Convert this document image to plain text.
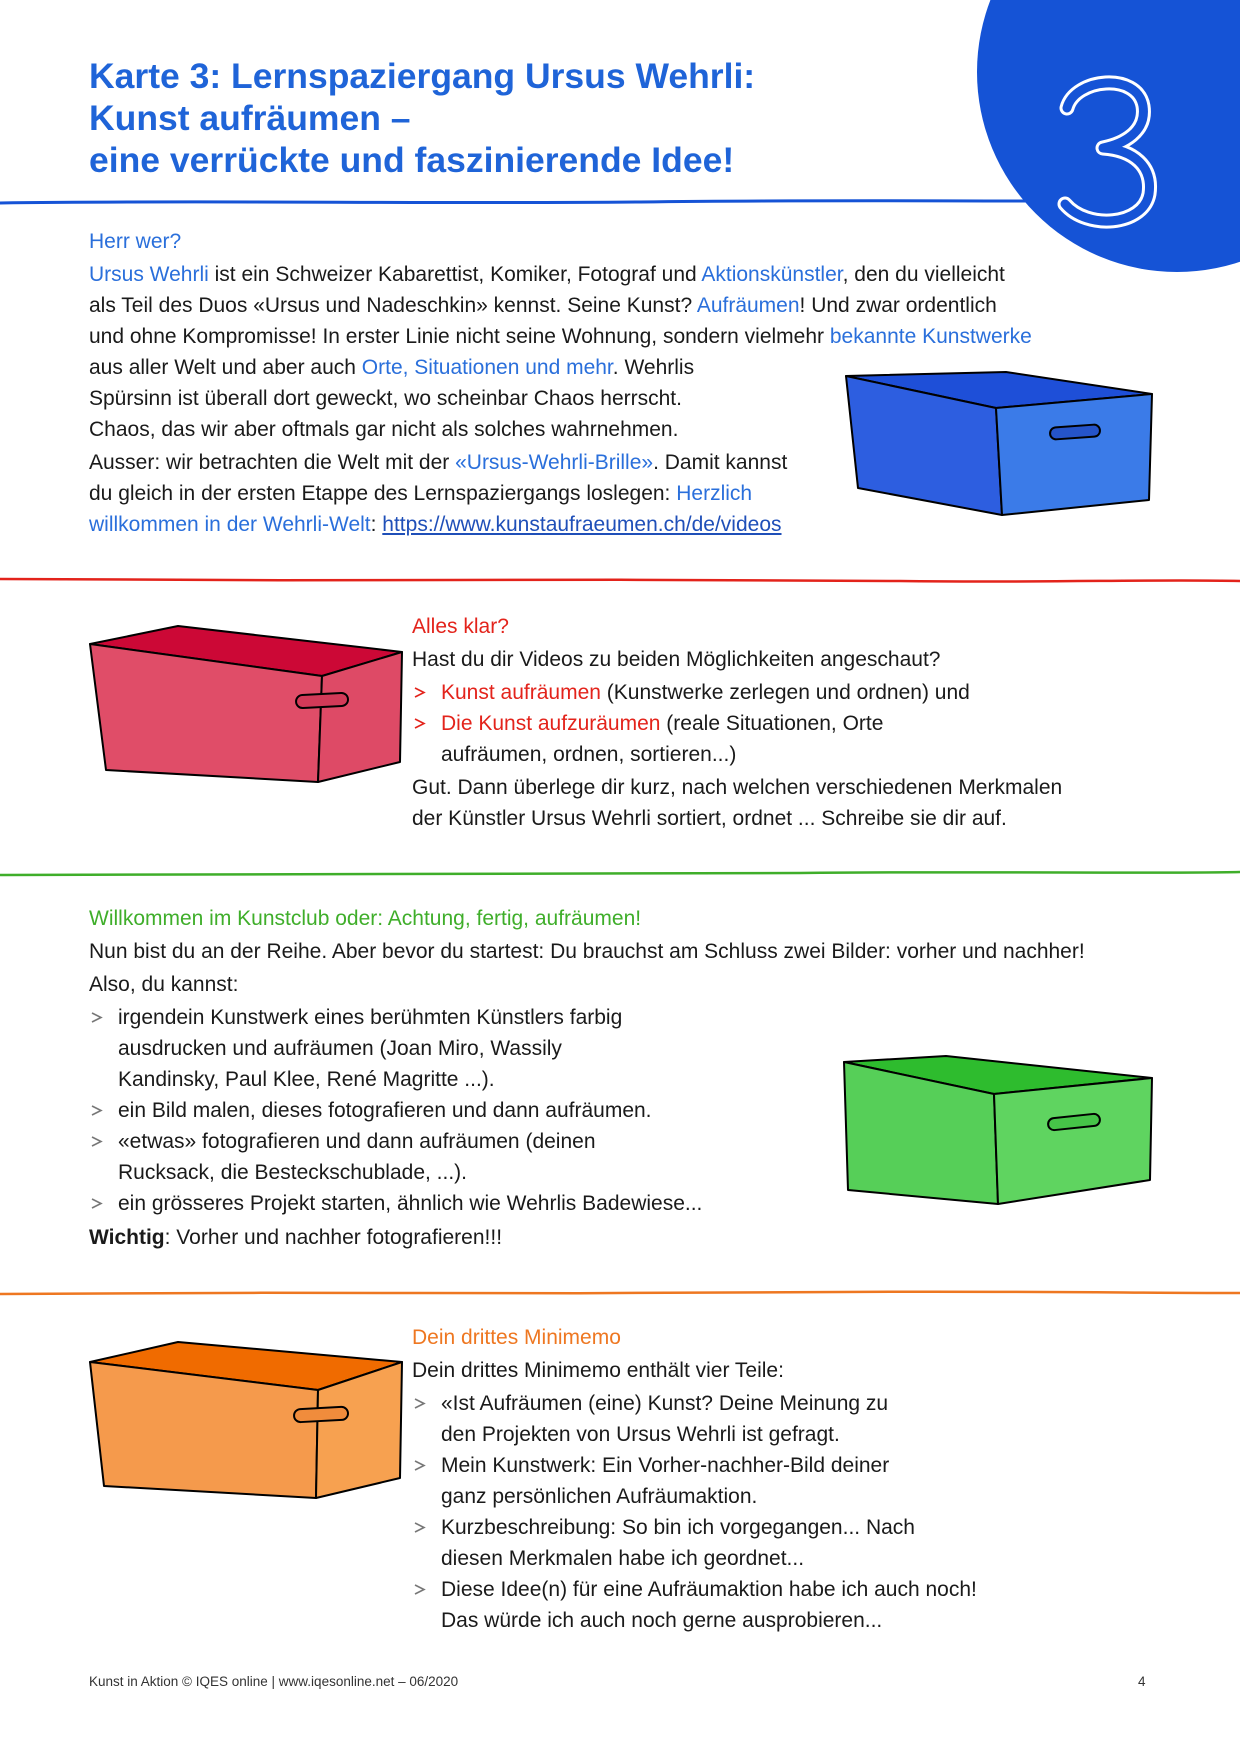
3
Karte 3: Lernspaziergang Ursus Wehrli:
Kunst aufräumen –
eine verrückte und faszinierende Idee!

Herr wer?

Ursus Wehrli ist ein Schweizer Kabarettist, Komiker, Fotograf und Aktionskünstler, den du vielleicht
als Teil des Duos «Ursus und Nadeschkin» kennst. Seine Kunst? Aufräumen! Und zwar ordentlich
und ohne Kompromisse! In erster Linie nicht seine Wohnung, sondern vielmehr bekannte Kunstwerke
aus aller Welt und aber auch Orte, Situationen und mehr. Wehrlis
Spürsinn ist überall dort geweckt, wo scheinbar Chaos herrscht.
Chaos, das wir aber oftmals gar nicht als solches wahrnehmen.

Ausser: wir betrachten die Welt mit der «Ursus-Wehrli-Brille». Damit kannst
du gleich in der ersten Etappe des Lernspaziergangs loslegen: Herzlich
willkommen in der Wehrli-Welt: https://www.kunstaufraeumen.ch/de/videos

Alles klar?

Hast du dir Videos zu beiden Möglichkeiten angeschaut?

Kunst aufräumen (Kunstwerke zerlegen und ordnen) und
Die Kunst aufzuräumen (reale Situationen, Orte
aufräumen, ordnen, sortieren...)

Gut. Dann überlege dir kurz, nach welchen verschiedenen Merkmalen
der Künstler Ursus Wehrli sortiert, ordnet ... Schreibe sie dir auf.

Willkommen im Kunstclub oder: Achtung, fertig, aufräumen!

Nun bist du an der Reihe. Aber bevor du startest: Du brauchst am Schluss zwei Bilder: vorher und nachher!

Also, du kannst:

irgendein Kunstwerk eines berühmten Künstlers farbig
ausdrucken und aufräumen (Joan Miro, Wassily
Kandinsky, Paul Klee, René Magritte ...).
ein Bild malen, dieses fotografieren und dann aufräumen.
«etwas» fotografieren und dann aufräumen (deinen
Rucksack, die Besteckschublade, ...).
ein grösseres Projekt starten, ähnlich wie Wehrlis Badewiese...

Wichtig: Vorher und nachher fotografieren!!!

Dein drittes Minimemo

Dein drittes Minimemo enthält vier Teile:

«Ist Aufräumen (eine) Kunst? Deine Meinung zu
den Projekten von Ursus Wehrli ist gefragt.
Mein Kunstwerk: Ein Vorher-nachher-Bild deiner
ganz persönlichen Aufräumaktion.
Kurzbeschreibung: So bin ich vorgegangen... Nach
diesen Merkmalen habe ich geordnet...
Diese Idee(n) für eine Aufräumaktion habe ich auch noch!
Das würde ich auch noch gerne ausprobieren...
Kunst in Aktion © IQES online | www.iqesonline.net – 06/2020	4
